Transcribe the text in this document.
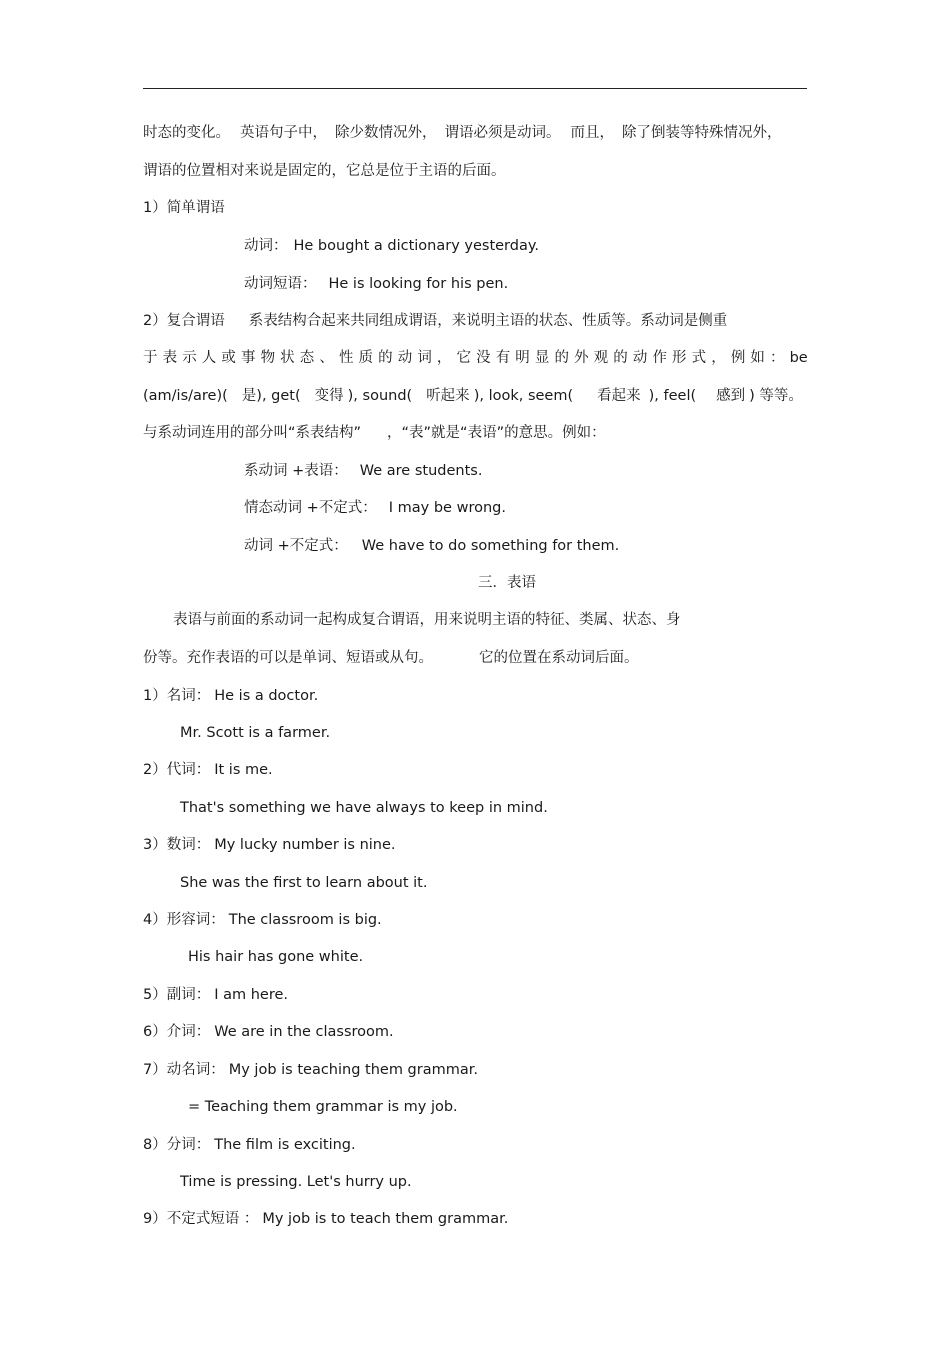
时态的变化。 英语句子中， 除少数情况外， 谓语必须是动词。 而且， 除了倒装等特殊情况外，
谓语的位置相对来说是固定的，它总是位于主语的后面。
1）简单谓语
动词： He bought a dictionary yesterday.
动词短语： He is looking for his pen.
2）复合谓语 系表结构合起来共同组成谓语，来说明主语的状态、性质等。系动词是侧重
于 表 示 人 或 事 物 状 态 、 性 质 的 动 词 ， 它 没 有 明 显 的 外 观 的 动 作 形 式 ， 例 如 ： be
(am/is/are)( 是), get( 变得 ), sound( 听起来 ), look, seem( 看起来 ), feel( 感到 ) 等等。
与系动词连用的部分叫“系表结构” ，“表”就是“表语”的意思。例如：
系动词 +表语： We are students.
情态动词 +不定式： I may be wrong.
动词 +不定式： We have to do something for them.
三．表语
表语与前面的系动词一起构成复合谓语，用来说明主语的特征、类属、状态、身
份等。充作表语的可以是单词、短语或从句。	它的位置在系动词后面。
1）名词： He is a doctor.
Mr. Scott is a farmer.
2）代词： It is me.
That's something we have always to keep in mind.
3）数词： My lucky number is nine.
She was the first to learn about it.
4）形容词： The classroom is big.
His hair has gone white.
5）副词： I am here.
6）介词： We are in the classroom.
7）动名词： My job is teaching them grammar.
= Teaching them grammar is my job.
8）分词： The film is exciting.
Time is pressing. Let's hurry up.
9）不定式短语 ： My job is to teach them grammar.
